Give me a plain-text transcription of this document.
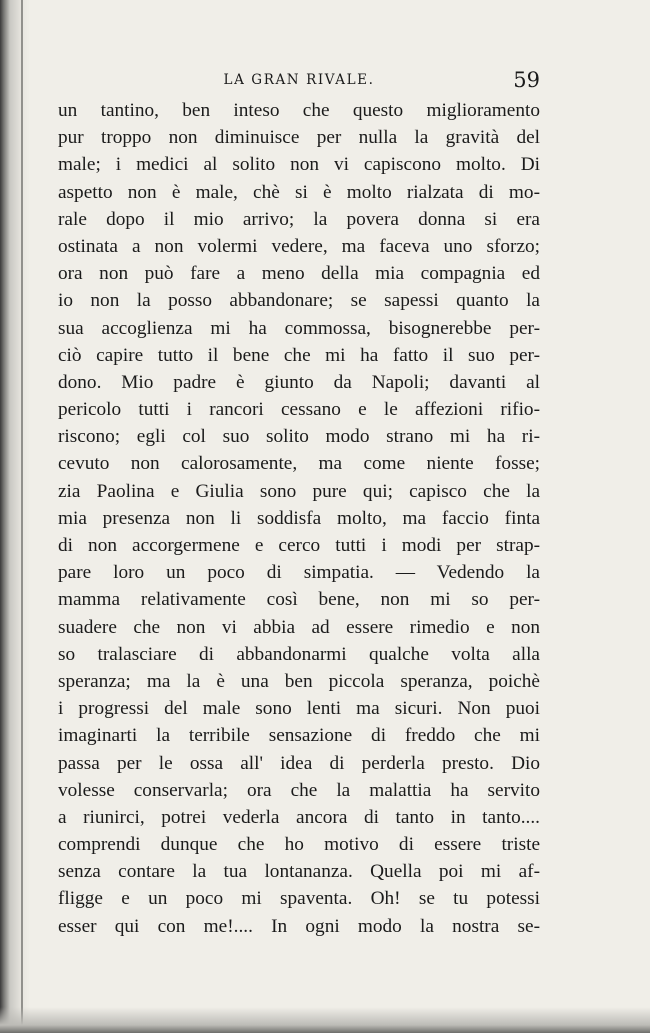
LA GRAN RIVALE.	59
un tantino, ben inteso che questo miglioramento
pur troppo non diminuisce per nulla la gravità del
male; i medici al solito non vi capiscono molto. Di
aspetto non è male, chè si è molto rialzata di mo-
rale dopo il mio arrivo; la povera donna si era
ostinata a non volermi vedere, ma faceva uno sforzo;
ora non può fare a meno della mia compagnia ed
io non la posso abbandonare; se sapessi quanto la
sua accoglienza mi ha commossa, bisognerebbe per-
ciò capire tutto il bene che mi ha fatto il suo per-
dono. Mio padre è giunto da Napoli; davanti al
pericolo tutti i rancori cessano e le affezioni rifio-
riscono; egli col suo solito modo strano mi ha ri-
cevuto non calorosamente, ma come niente fosse;
zia Paolina e Giulia sono pure qui; capisco che la
mia presenza non li soddisfa molto, ma faccio finta
di non accorgermene e cerco tutti i modi per strap-
pare loro un poco di simpatia. — Vedendo la
mamma relativamente così bene, non mi so per-
suadere che non vi abbia ad essere rimedio e non
so tralasciare di abbandonarmi qualche volta alla
speranza; ma la è una ben piccola speranza, poichè
i progressi del male sono lenti ma sicuri. Non puoi
imaginarti la terribile sensazione di freddo che mi
passa per le ossa all' idea di perderla presto. Dio
volesse conservarla; ora che la malattia ha servito
a riunirci, potrei vederla ancora di tanto in tanto....
comprendi dunque che ho motivo di essere triste
senza contare la tua lontananza. Quella poi mi af-
fligge e un poco mi spaventa. Oh! se tu potessi
esser qui con me!.... In ogni modo la nostra se-
